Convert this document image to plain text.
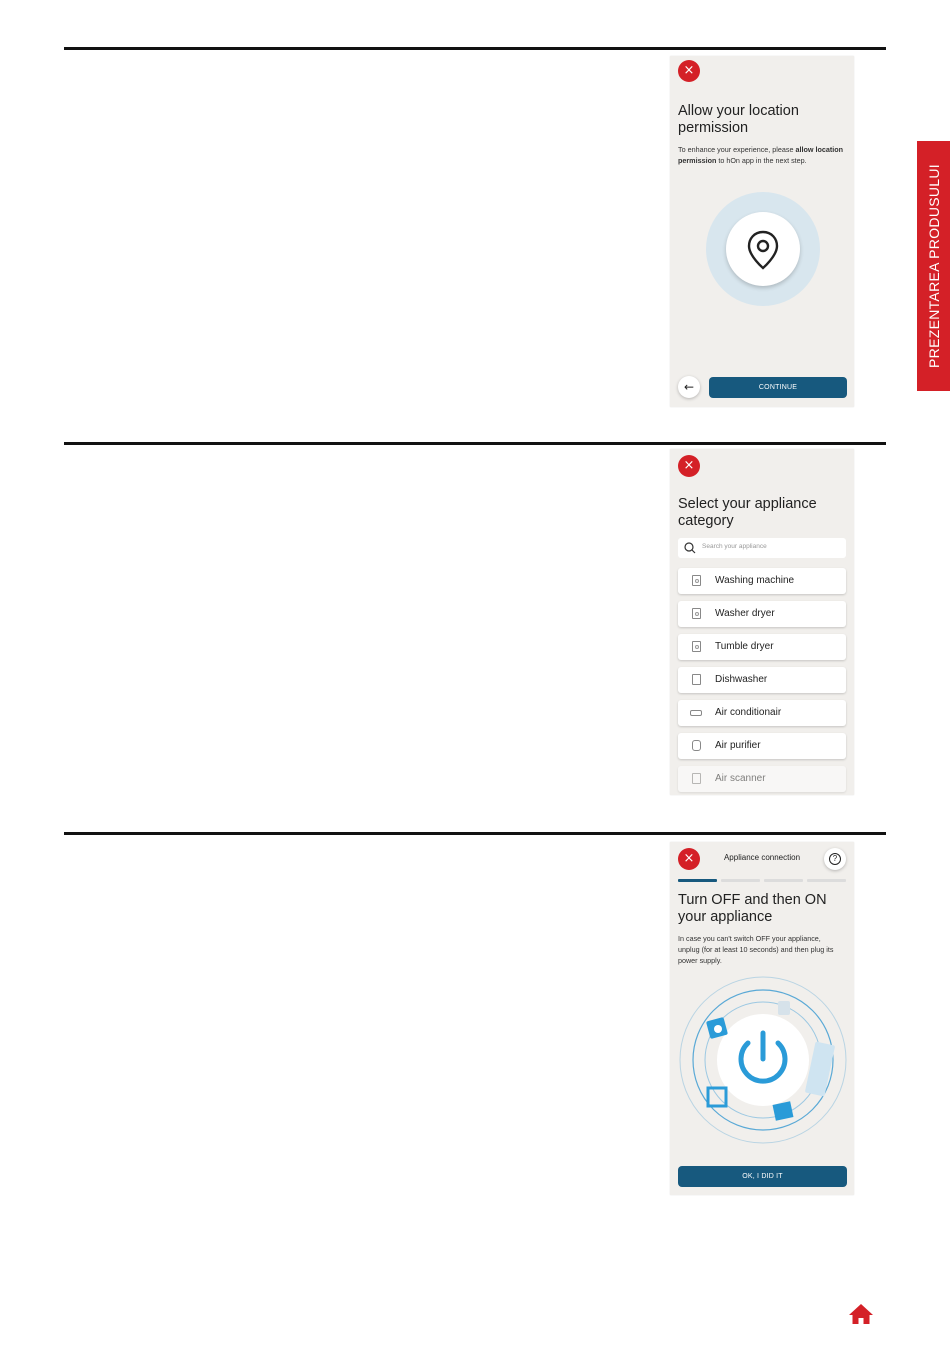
PREZENTAREA PRODUSULUI
×
Allow your location permission
To enhance your experience, please allow location permission to hOn app in the next step.
←	CONTINUE
×
Select your appliance category
Search your appliance
Washing machine
Washer dryer
Tumble dryer
Dishwasher
Air conditionair
Air purifier
Air scanner
×	Appliance connection	?
Turn OFF and then ON your appliance
In case you can't switch OFF your appliance, unplug (for at least 10 seconds) and then plug its power supply.
OK, I DID IT
